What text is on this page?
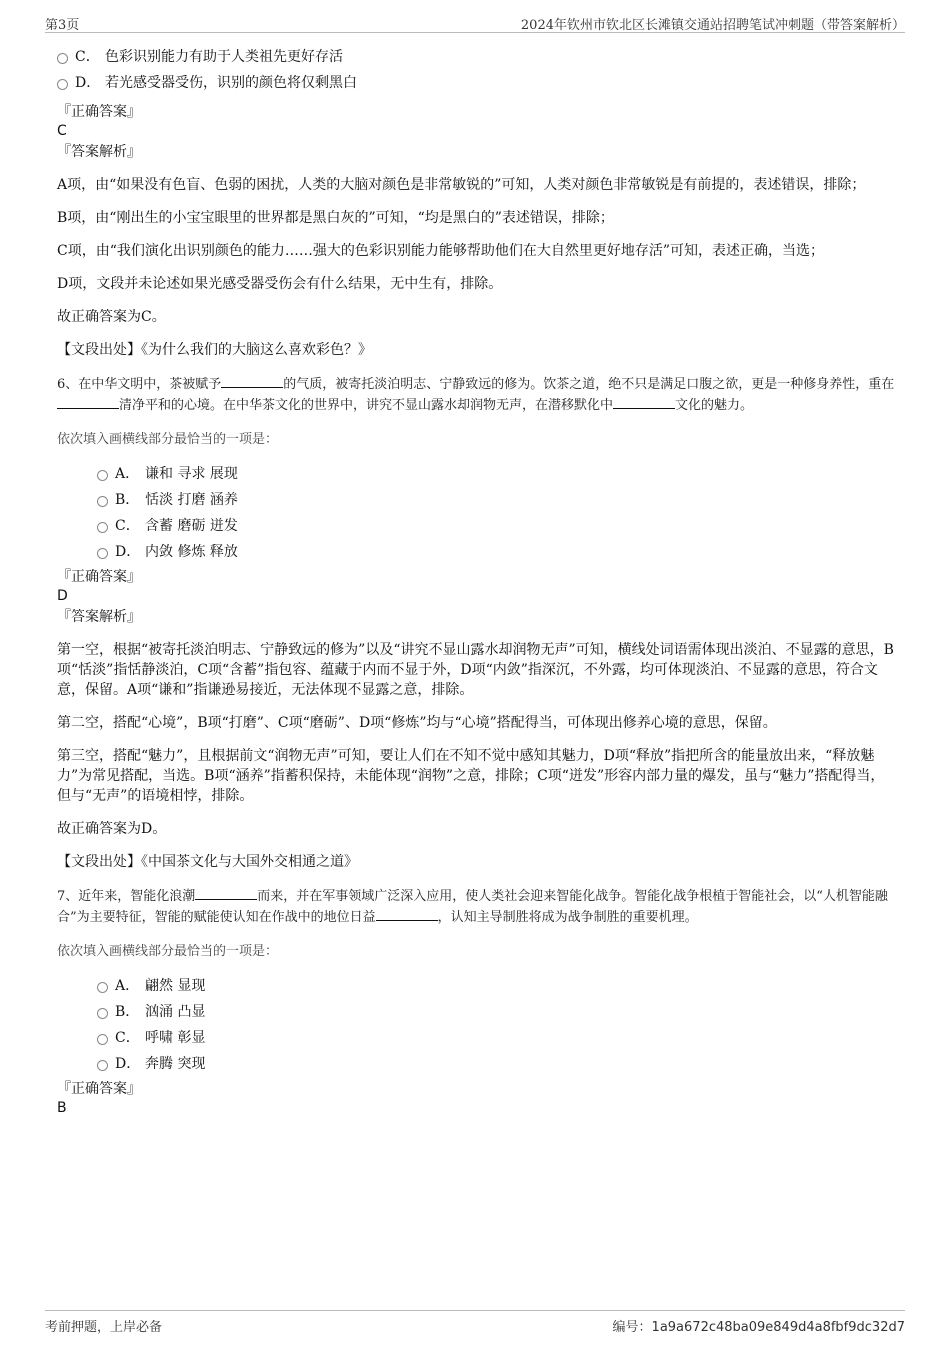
第3页	2024年钦州市钦北区长滩镇交通站招聘笔试冲刺题（带答案解析）
C． 色彩识别能力有助于人类祖先更好存活
D． 若光感受器受伤，识别的颜色将仅剩黑白

『正确答案』

C

『答案解析』

A项，由“如果没有色盲、色弱的困扰，人类的大脑对颜色是非常敏锐的”可知，人类对颜色非常敏锐是有前提的，表述错误，排除；

B项，由“刚出生的小宝宝眼里的世界都是黑白灰的”可知，“均是黑白的”表述错误，排除；

C项，由“我们演化出识别颜色的能力……强大的色彩识别能力能够帮助他们在大自然里更好地存活”可知，表述正确，当选；

D项，文段并未论述如果光感受器受伤会有什么结果，无中生有，排除。

故正确答案为C。

【文段出处】《为什么我们的大脑这么喜欢彩色？》

6、在中华文明中，茶被赋予	的气质，被寄托淡泊明志、宁静致远的修为。饮茶之道，绝不只是满足口腹之欲，更是一种修身养性，重在清净平和的心境。在中华茶文化的世界中，讲究不显山露水却润物无声，在潜移默化中	文化的魅力。

依次填入画横线部分最恰当的一项是：

A． 谦和 寻求 展现
B． 恬淡 打磨 涵养
C． 含蓄 磨砺 迸发
D． 内敛 修炼 释放

『正确答案』

D

『答案解析』

第一空，根据“被寄托淡泊明志、宁静致远的修为”以及“讲究不显山露水却润物无声”可知，横线处词语需体现出淡泊、不显露的意思，B项“恬淡”指恬静淡泊，C项“含蓄”指包容、蕴藏于内而不显于外，D项“内敛”指深沉，不外露，均可体现淡泊、不显露的意思，符合文意，保留。A项“谦和”指谦逊易接近，无法体现不显露之意，排除。

第二空，搭配“心境”，B项“打磨”、C项“磨砺”、D项“修炼”均与“心境”搭配得当，可体现出修养心境的意思，保留。

第三空，搭配“魅力”，且根据前文“润物无声”可知，要让人们在不知不觉中感知其魅力，D项“释放”指把所含的能量放出来，“释放魅力”为常见搭配，当选。B项“涵养”指蓄积保持，未能体现“润物”之意，排除；C项“迸发”形容内部力量的爆发，虽与“魅力”搭配得当，但与“无声”的语境相悖，排除。

故正确答案为D。

【文段出处】《中国茶文化与大国外交相通之道》

7、近年来，智能化浪潮	而来，并在军事领域广泛深入应用，使人类社会迎来智能化战争。智能化战争根植于智能社会，以“人机智能融合”为主要特征，智能的赋能使认知在作战中的地位日益	，认知主导制胜将成为战争制胜的重要机理。

依次填入画横线部分最恰当的一项是：

A． 翩然 显现
B． 汹涌 凸显
C． 呼啸 彰显
D． 奔腾 突现

『正确答案』

B

考前押题，上岸必备	编号：1a9a672c48ba09e849d4a8fbf9dc32d7
